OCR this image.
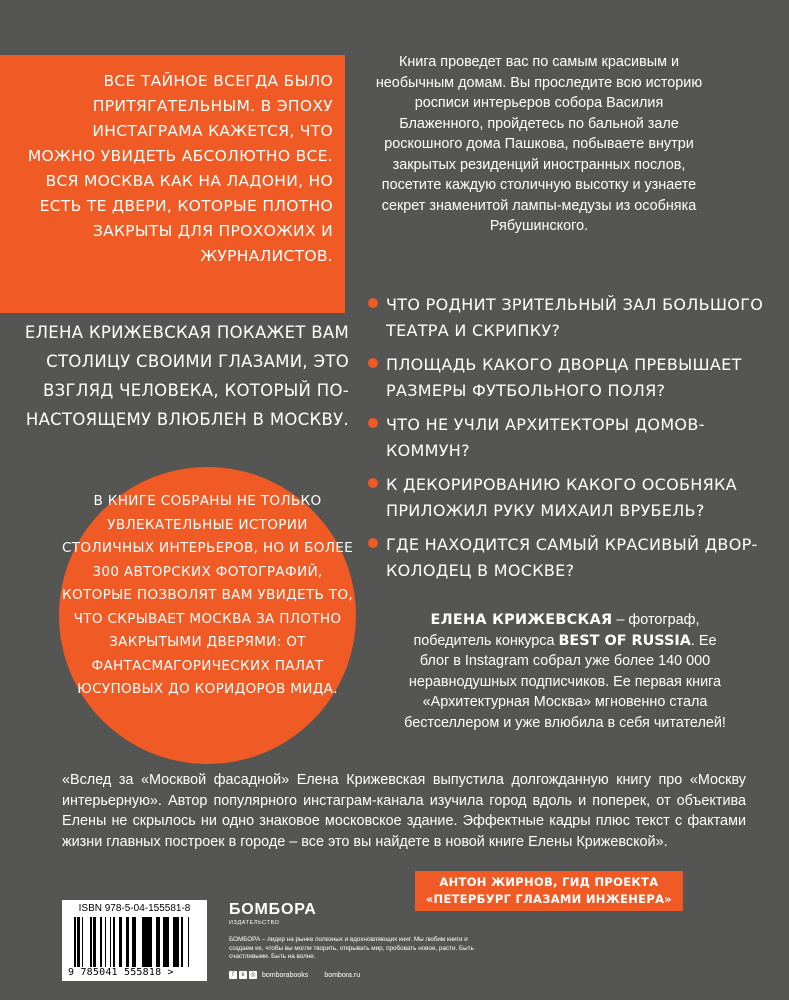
ВСЕ ТАЙНОЕ ВСЕГДА БЫЛО ПРИТЯГАТЕЛЬНЫМ. В ЭПОХУ ИНСТАГРАМА КАЖЕТСЯ, ЧТО МОЖНО УВИДЕТЬ АБСОЛЮТНО ВСЕ. ВСЯ МОСКВА КАК НА ЛАДОНИ, НО ЕСТЬ ТЕ ДВЕРИ, КОТОРЫЕ ПЛОТНО ЗАКРЫТЫ ДЛЯ ПРОХОЖИХ И ЖУРНАЛИСТОВ.

ЕЛЕНА КРИЖЕВСКАЯ ПОКАЖЕТ ВАМ СТОЛИЦУ СВОИМИ ГЛАЗАМИ, ЭТО ВЗГЛЯД ЧЕЛОВЕКА, КОТОРЫЙ ПО-НАСТОЯЩЕМУ ВЛЮБЛЕН В МОСКВУ.

В КНИГЕ СОБРАНЫ НЕ ТОЛЬКО УВЛЕКАТЕЛЬНЫЕ ИСТОРИИ СТОЛИЧНЫХ ИНТЕРЬЕРОВ, НО И БОЛЕЕ 300 АВТОРСКИХ ФОТОГРАФИЙ, КОТОРЫЕ ПОЗВОЛЯТ ВАМ УВИДЕТЬ ТО, ЧТО СКРЫВАЕТ МОСКВА ЗА ПЛОТНО ЗАКРЫТЫМИ ДВЕРЯМИ: ОТ ФАНТАСМАГОРИЧЕСКИХ ПАЛАТ ЮСУПОВЫХ ДО КОРИДОРОВ МИДА.

Книга проведет вас по самым красивым и необычным домам. Вы проследите всю историю росписи интерьеров собора Василия Блаженного, пройдетесь по бальной зале роскошного дома Пашкова, побываете внутри закрытых резиденций иностранных послов, посетите каждую столичную высотку и узнаете секрет знаменитой лампы-медузы из особняка Рябушинского.

ЧТО РОДНИТ ЗРИТЕЛЬНЫЙ ЗАЛ БОЛЬШОГО ТЕАТРА И СКРИПКУ?
ПЛОЩАДЬ КАКОГО ДВОРЦА ПРЕВЫШАЕТ РАЗМЕРЫ ФУТБОЛЬНОГО ПОЛЯ?
ЧТО НЕ УЧЛИ АРХИТЕКТОРЫ ДОМОВ-КОММУН?
К ДЕКОРИРОВАНИЮ КАКОГО ОСОБНЯКА ПРИЛОЖИЛ РУКУ МИХАИЛ ВРУБЕЛЬ?
ГДЕ НАХОДИТСЯ САМЫЙ КРАСИВЫЙ ДВОР-КОЛОДЕЦ В МОСКВЕ?

ЕЛЕНА КРИЖЕВСКАЯ – фотограф, победитель конкурса BEST OF RUSSIA. Ее блог в Instagram собрал уже более 140 000 неравнодушных подписчиков. Ее первая книга «Архитектурная Москва» мгновенно стала бестселлером и уже влюбила в себя читателей!

«Вслед за «Москвой фасадной» Елена Крижевская выпустила долгожданную книгу про «Москву интерьерную». Автор популярного инстаграм-канала изучила город вдоль и поперек, от объектива Елены не скрылось ни одно знаковое московское здание. Эффектные кадры плюс текст с фактами жизни главных построек в городе – все это вы найдете в новой книге Елены Крижевской».

АНТОН ЖИРНОВ, ГИД ПРОЕКТА
«ПЕТЕРБУРГ ГЛАЗАМИ ИНЖЕНЕРА»
ISBN 978-5-04-155581-8
9 785041 555818 >
БОМБОРА
ИЗДАТЕЛЬСТВО

БОМБОРА – лидер на рынке полезных и вдохновляющих книг. Мы любим книги и создаем их, чтобы вы могли творить, открывать мир, пробовать новое, расти. Быть счастливыми. Быть на волне.

f	в ◎ bomborabooks bombora.ru
